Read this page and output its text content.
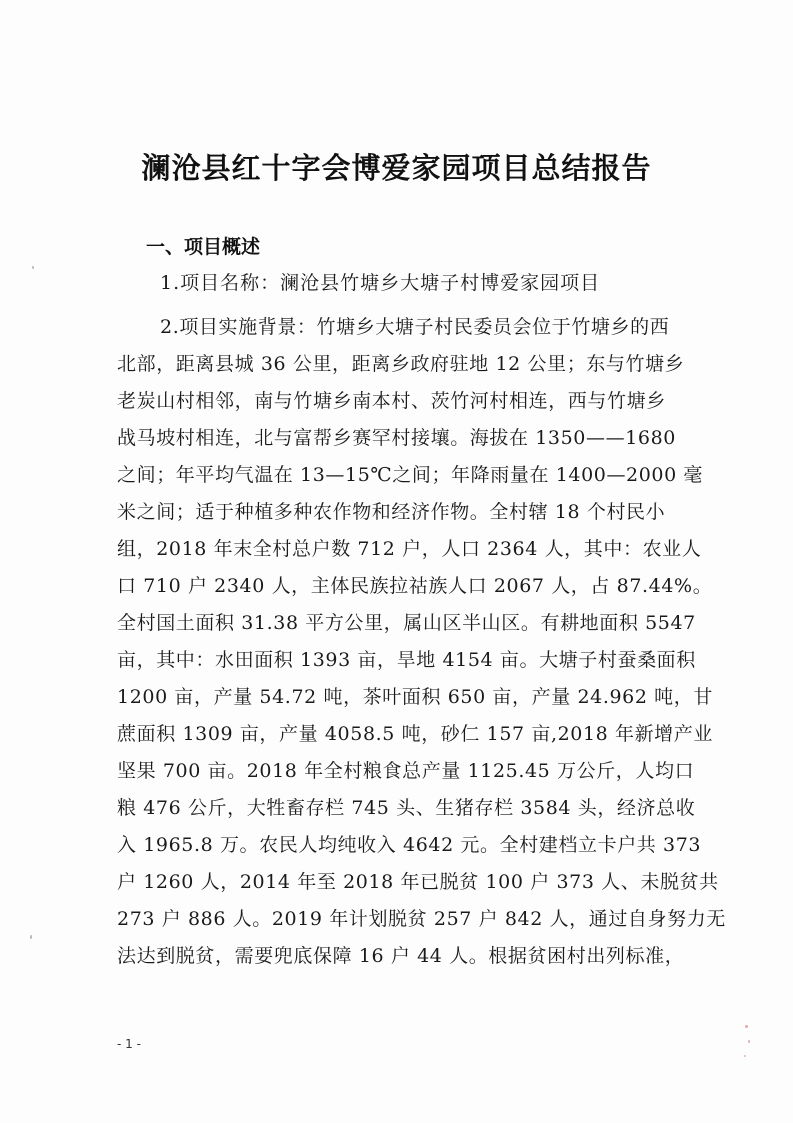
澜沧县红十字会博爱家园项目总结报告
一、项目概述
1.项目名称：澜沧县竹塘乡大塘子村博爱家园项目
2.项目实施背景：竹塘乡大塘子村民委员会位于竹塘乡的西
北部，距离县城 36 公里，距离乡政府驻地 12 公里；东与竹塘乡
老炭山村相邻，南与竹塘乡南本村、茨竹河村相连，西与竹塘乡
战马坡村相连，北与富帮乡赛罕村接壤。海拔在 1350——1680
之间；年平均气温在 13—15℃之间；年降雨量在 1400—2000 毫
米之间；适于种植多种农作物和经济作物。全村辖 18 个村民小
组，2018 年末全村总户数 712 户，人口 2364 人，其中：农业人
口 710 户 2340 人，主体民族拉祜族人口 2067 人，占 87.44%。
全村国土面积 31.38 平方公里，属山区半山区。有耕地面积 5547
亩，其中：水田面积 1393 亩，旱地 4154 亩。大塘子村蚕桑面积
1200 亩，产量 54.72 吨，茶叶面积 650 亩，产量 24.962 吨，甘
蔗面积 1309 亩，产量 4058.5 吨，砂仁 157 亩,2018 年新增产业
坚果 700 亩。2018 年全村粮食总产量 1125.45 万公斤，人均口
粮 476 公斤，大牲畜存栏 745 头、生猪存栏 3584 头，经济总收
入 1965.8 万。农民人均纯收入 4642 元。全村建档立卡户共 373
户 1260 人，2014 年至 2018 年已脱贫 100 户 373 人、未脱贫共
273 户 886 人。2019 年计划脱贫 257 户 842 人，通过自身努力无
法达到脱贫，需要兜底保障 16 户 44 人。根据贫困村出列标准，
- 1 -
